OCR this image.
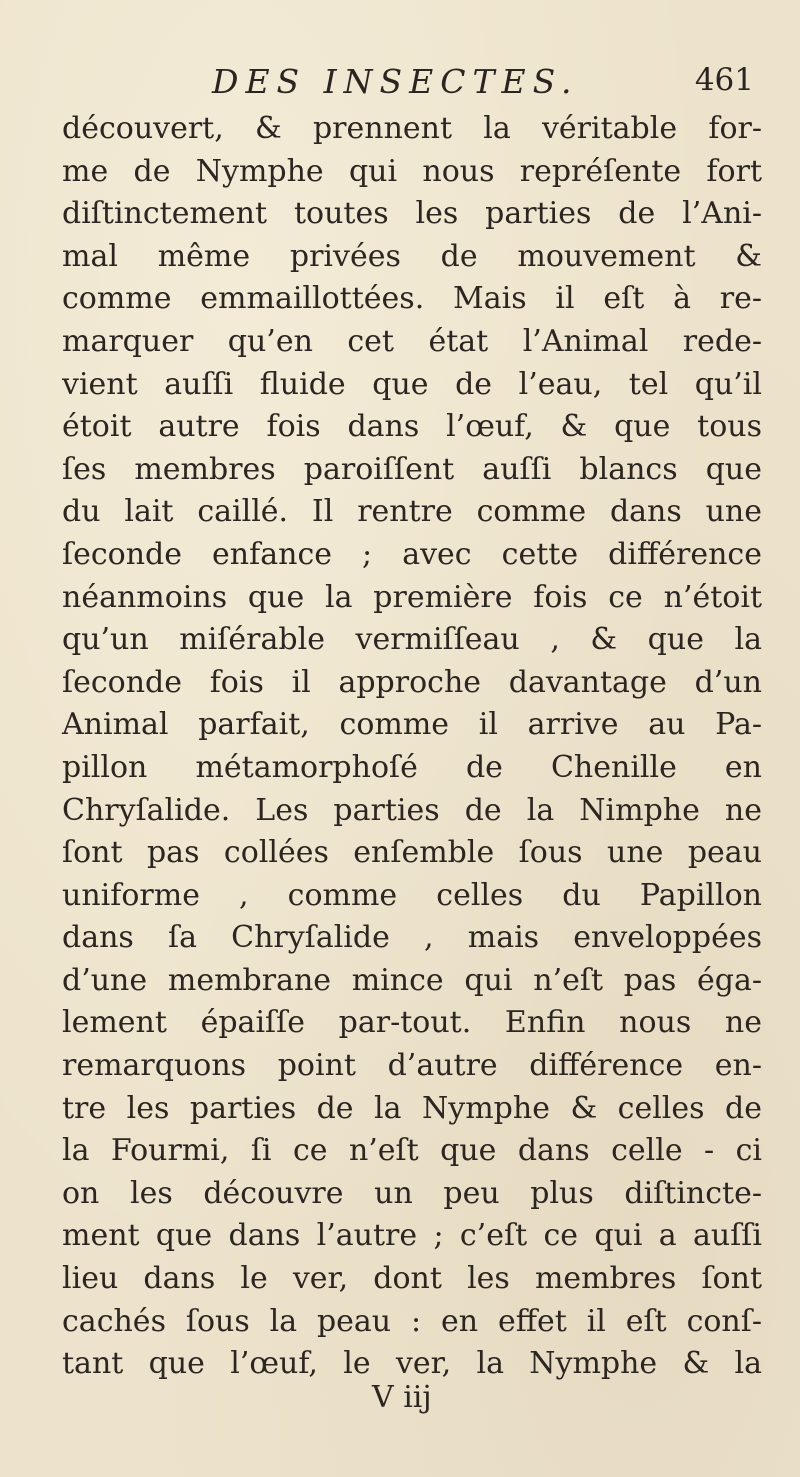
DES INSECTES.	461
découvert, & prennent la véritable for-
me de Nymphe qui nous repréſente fort
diſtinctement toutes les parties de l’Ani-
mal même privées de mouvement &
comme emmaillottées. Mais il eſt à re-
marquer qu’en cet état l’Animal rede-
vient auſſi fluide que de l’eau, tel qu’il
étoit autre fois dans l’œuf, & que tous
ſes membres paroiſſent auſſi blancs que
du lait caillé. Il rentre comme dans une
ſeconde enfance ; avec cette différence
néanmoins que la première fois ce n’étoit
qu’un miſérable vermiſſeau , & que la
ſeconde fois il approche davantage d’un
Animal parfait, comme il arrive au Pa-
pillon métamorphoſé de Chenille en
Chryſalide. Les parties de la Nimphe ne
ſont pas collées enſemble ſous une peau
uniforme , comme celles du Papillon
dans ſa Chryſalide , mais enveloppées
d’une membrane mince qui n’eſt pas éga-
lement épaiſſe par-tout. Enfin nous ne
remarquons point d’autre différence en-
tre les parties de la Nymphe & celles de
la Fourmi, ſi ce n’eſt que dans celle - ci
on les découvre un peu plus diſtincte-
ment que dans l’autre ; c’eſt ce qui a auſſi
lieu dans le ver, dont les membres ſont
cachés ſous la peau : en effet il eſt conſ-
tant que l’œuf, le ver, la Nymphe & la
V iij
